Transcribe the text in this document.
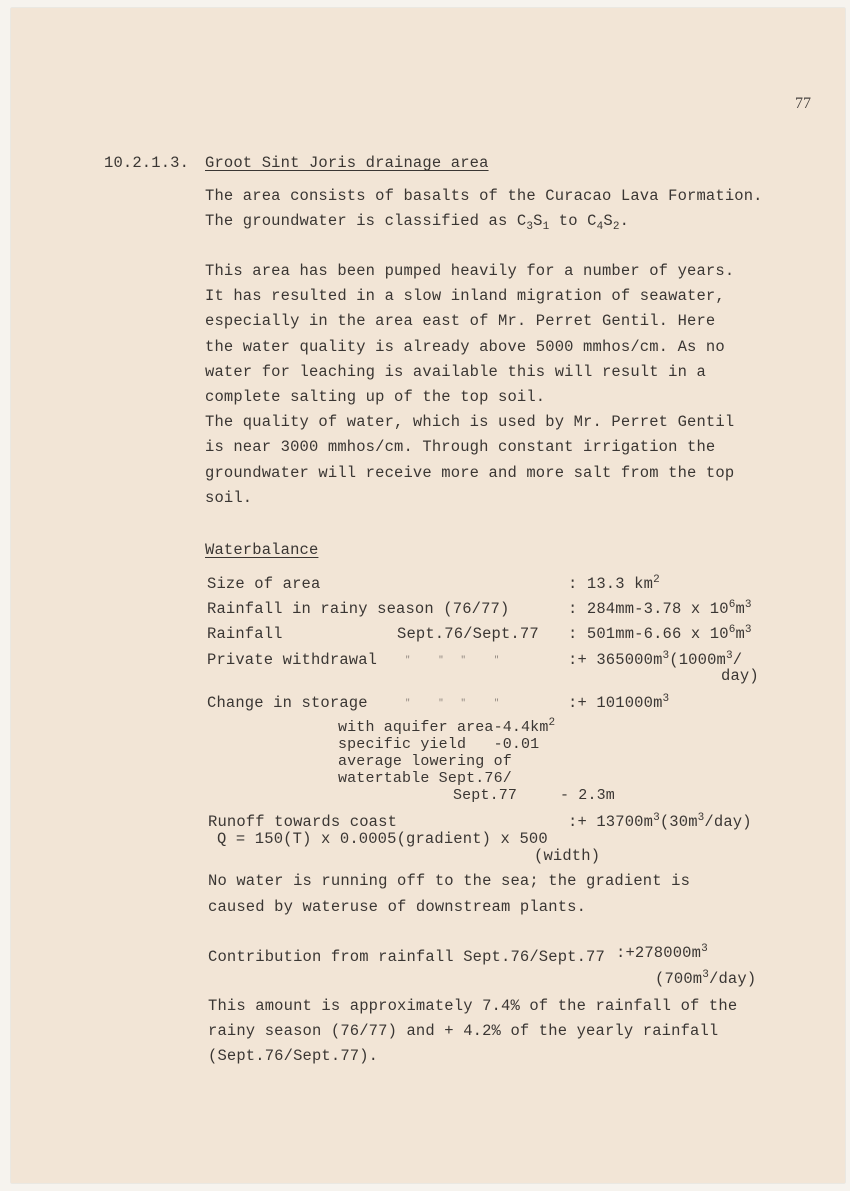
77
10.2.1.3. Groot Sint Joris drainage area
The area consists of basalts of the Curacao Lava Formation.
The groundwater is classified as $C_3S_1$ to $C_4S_2$.
This area has been pumped heavily for a number of years.
It has resulted in a slow inland migration of seawater,
especially in the area east of Mr. Perret Gentil. Here
the water quality is already above 5000 mmhos/cm. As no
water for leaching is available this will result in a
complete salting up of the top soil.
The quality of water, which is used by Mr. Perret Gentil
is near 3000 mmhos/cm. Through constant irrigation the
groundwater will receive more and more salt from the top
soil.
Waterbalance
Size of area	: 13.3 $km^2$
Rainfall in rainy season (76/77)	: 284mm-3.78 x $10^6m^3$
Rainfall	Sept.76/Sept.77 : 501mm-6.66 x $10^6m^3$
Private withdrawal	"     "   "     "	:+ $365000m^3(1000m^3/$
day)
Change in storage	"     "   "     "	:+ $101000m^3$
with aquifer area-$4.4km^2$
specific yield   -0.01
average lowering of
watertable Sept.76/
Sept.77	- 2.3m
Runoff towards coast	:+ $13700m^3(30m^3/day)$
Q = 150(T) x 0.0005(gradient) x 500
(width)
No water is running off to the sea; the gradient is
caused by wateruse of downstream plants.
Contribution from rainfall Sept.76/Sept.77 $:+278000m^3$
$(700m^3/day)$
This amount is approximately 7.4% of the rainfall of the
rainy season (76/77) and + 4.2% of the yearly rainfall
(Sept.76/Sept.77).
